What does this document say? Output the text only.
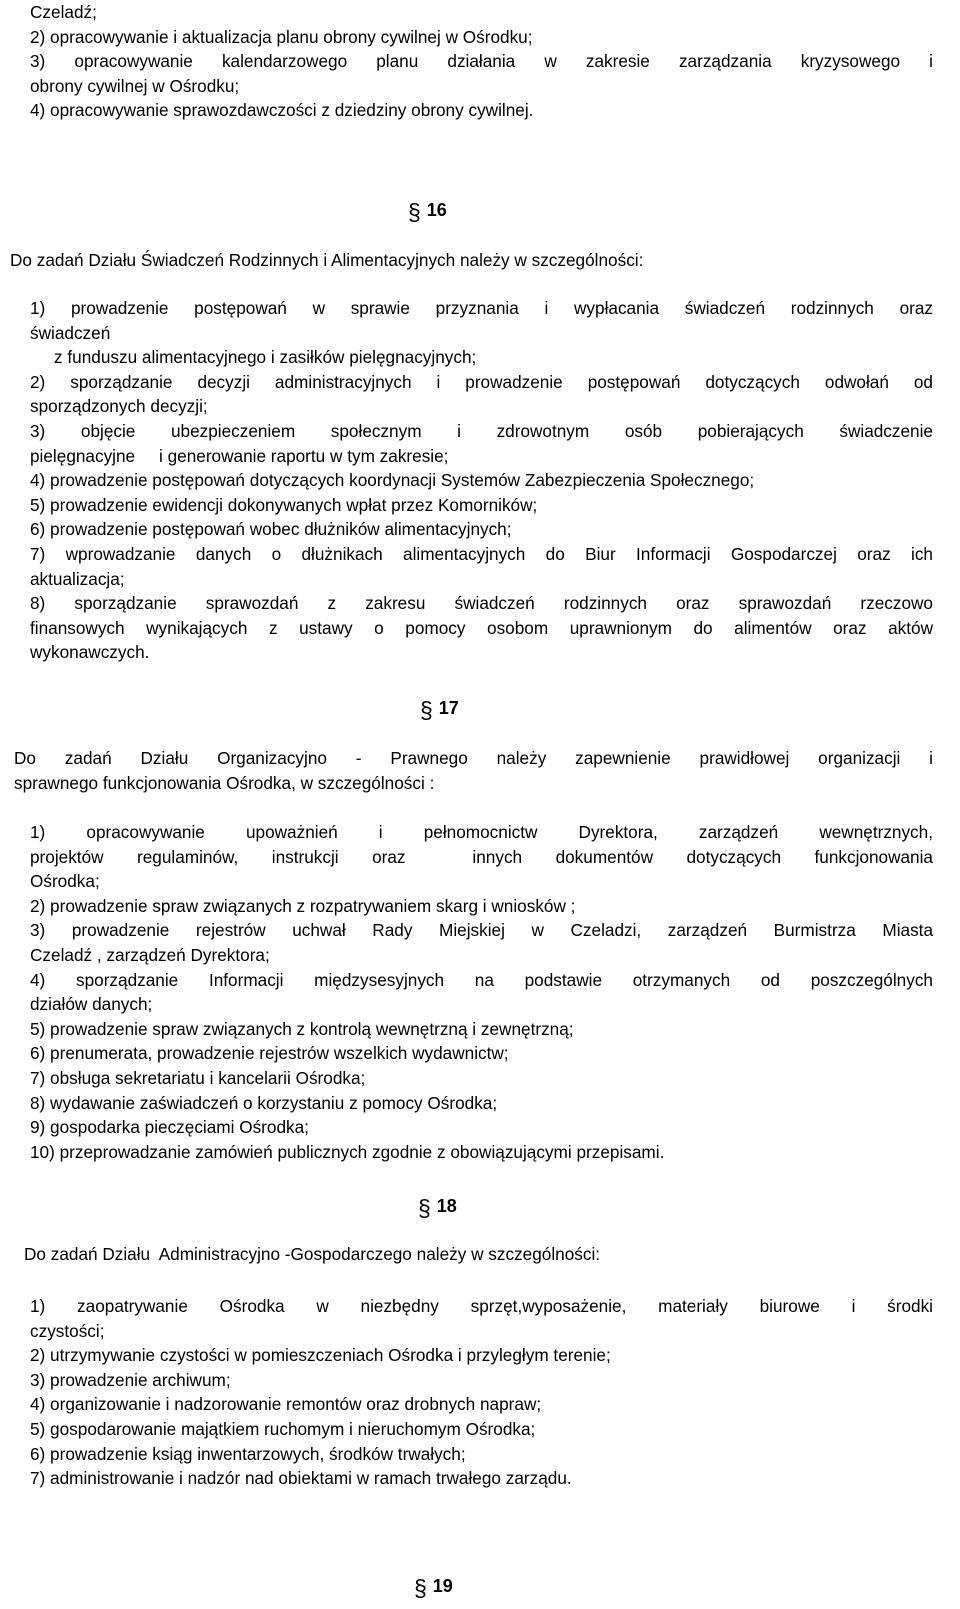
Czeladź;
2) opracowywanie i aktualizacja planu obrony cywilnej w Ośrodku;
3) opracowywanie kalendarzowego planu działania w zakresie zarządzania kryzysowego i
obrony cywilnej w Ośrodku;
4) opracowywanie sprawozdawczości z dziedziny obrony cywilnej.
§ 16
Do zadań Działu Świadczeń Rodzinnych i Alimentacyjnych należy w szczególności:
1) prowadzenie postępowań w sprawie przyznania i wypłacania świadczeń rodzinnych oraz
świadczeń
z funduszu alimentacyjnego i zasiłków pielęgnacyjnych;
2) sporządzanie decyzji administracyjnych i prowadzenie postępowań dotyczących odwołań od
sporządzonych decyzji;
3) objęcie ubezpieczeniem społecznym i zdrowotnym osób pobierających świadczenie
pielęgnacyjne     i generowanie raportu w tym zakresie;
4) prowadzenie postępowań dotyczących koordynacji Systemów Zabezpieczenia Społecznego;
5) prowadzenie ewidencji dokonywanych wpłat przez Komorników;
6) prowadzenie postępowań wobec dłużników alimentacyjnych;
7) wprowadzanie danych o dłużnikach alimentacyjnych do Biur Informacji Gospodarczej oraz ich
aktualizacja;
8) sporządzanie sprawozdań z zakresu świadczeń rodzinnych oraz sprawozdań rzeczowo
finansowych wynikających z ustawy o pomocy osobom uprawnionym do alimentów oraz aktów
wykonawczych.
§ 17
Do zadań Działu Organizacyjno - Prawnego należy zapewnienie prawidłowej organizacji i
sprawnego funkcjonowania Ośrodka, w szczególności :
1) opracowywanie upoważnień i pełnomocnictw Dyrektora, zarządzeń wewnętrznych,
projektów regulaminów, instrukcji oraz  innych dokumentów dotyczących funkcjonowania
Ośrodka;
2) prowadzenie spraw związanych z rozpatrywaniem skarg i wniosków ;
3) prowadzenie rejestrów uchwał Rady Miejskiej w Czeladzi, zarządzeń Burmistrza Miasta
Czeladź , zarządzeń Dyrektora;
4) sporządzanie Informacji międzysesyjnych na podstawie otrzymanych od poszczególnych
działów danych;
5) prowadzenie spraw związanych z kontrolą wewnętrzną i zewnętrzną;
6) prenumerata, prowadzenie rejestrów wszelkich wydawnictw;
7) obsługa sekretariatu i kancelarii Ośrodka;
8) wydawanie zaświadczeń o korzystaniu z pomocy Ośrodka;
9) gospodarka pieczęciami Ośrodka;
10) przeprowadzanie zamówień publicznych zgodnie z obowiązującymi przepisami.
§ 18
Do zadań Działu  Administracyjno -Gospodarczego należy w szczególności:
1) zaopatrywanie Ośrodka w niezbędny sprzęt,wyposażenie, materiały biurowe i środki
czystości;
2) utrzymywanie czystości w pomieszczeniach Ośrodka i przyległym terenie;
3) prowadzenie archiwum;
4) organizowanie i nadzorowanie remontów oraz drobnych napraw;
5) gospodarowanie majątkiem ruchomym i nieruchomym Ośrodka;
6) prowadzenie ksiąg inwentarzowych, środków trwałych;
7) administrowanie i nadzór nad obiektami w ramach trwałego zarządu.
§ 19
